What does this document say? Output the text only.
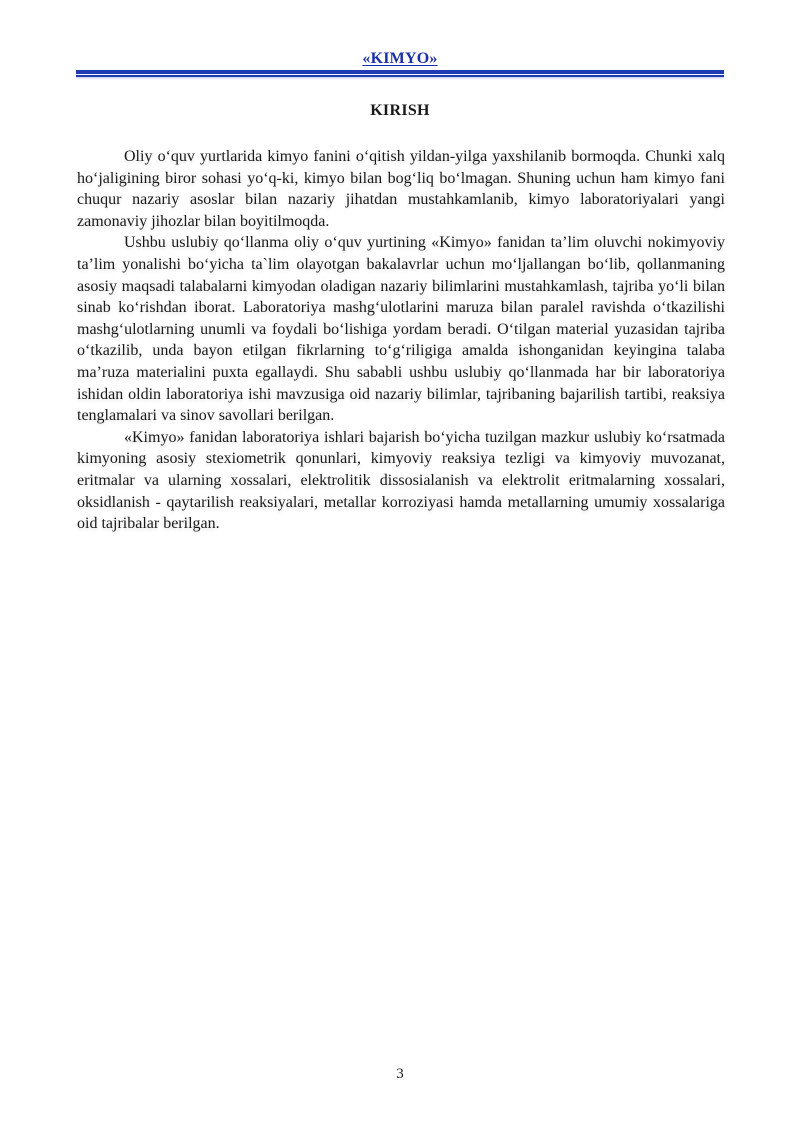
«KIMYO»
KIRISH

Oliy oʻquv yurtlarida kimyo fanini oʻqitish yildan-yilga yaxshilanib bormoqda. Chunki xalq hoʻjaligining biror sohasi yoʻq-ki, kimyo bilan bogʻliq boʻlmagan. Shuning uchun ham kimyo fani chuqur nazariy asoslar bilan nazariy jihatdan mustahkamlanib, kimyo laboratoriyalari yangi zamonaviy jihozlar bilan boyitilmoqda.

Ushbu uslubiy qoʻllanma oliy oʻquv yurtining «Kimyo» fanidan ta’lim oluvchi nokimyoviy ta’lim yonalishi boʻyicha ta`lim olayotgan bakalavrlar uchun moʻljallangan boʻlib, qollanmaning asosiy maqsadi talabalarni kimyodan oladigan nazariy bilimlarini mustahkamlash, tajriba yoʻli bilan sinab koʻrishdan iborat. Laboratoriya mashgʻulotlarini maruza bilan paralel ravishda oʻtkazilishi mashgʻulotlarning unumli va foydali boʻlishiga yordam beradi. Oʻtilgan material yuzasidan tajriba oʻtkazilib, unda bayon etilgan fikrlarning toʻgʻriligiga amalda ishonganidan keyingina talaba ma’ruza materialini puxta egallaydi. Shu sababli ushbu uslubiy qoʻllanmada har bir laboratoriya ishidan oldin laboratoriya ishi mavzusiga oid nazariy bilimlar, tajribaning bajarilish tartibi, reaksiya tenglamalari va sinov savollari berilgan.

«Kimyo» fanidan laboratoriya ishlari bajarish boʻyicha tuzilgan mazkur uslubiy koʻrsatmada kimyoning asosiy stexiometrik qonunlari, kimyoviy reaksiya tezligi va kimyoviy muvozanat, eritmalar va ularning xossalari, elektrolitik dissosialanish va elektrolit eritmalarning xossalari, oksidlanish - qaytarilish reaksiyalari, metallar korroziyasi hamda metallarning umumiy xossalariga oid tajribalar berilgan.

3
